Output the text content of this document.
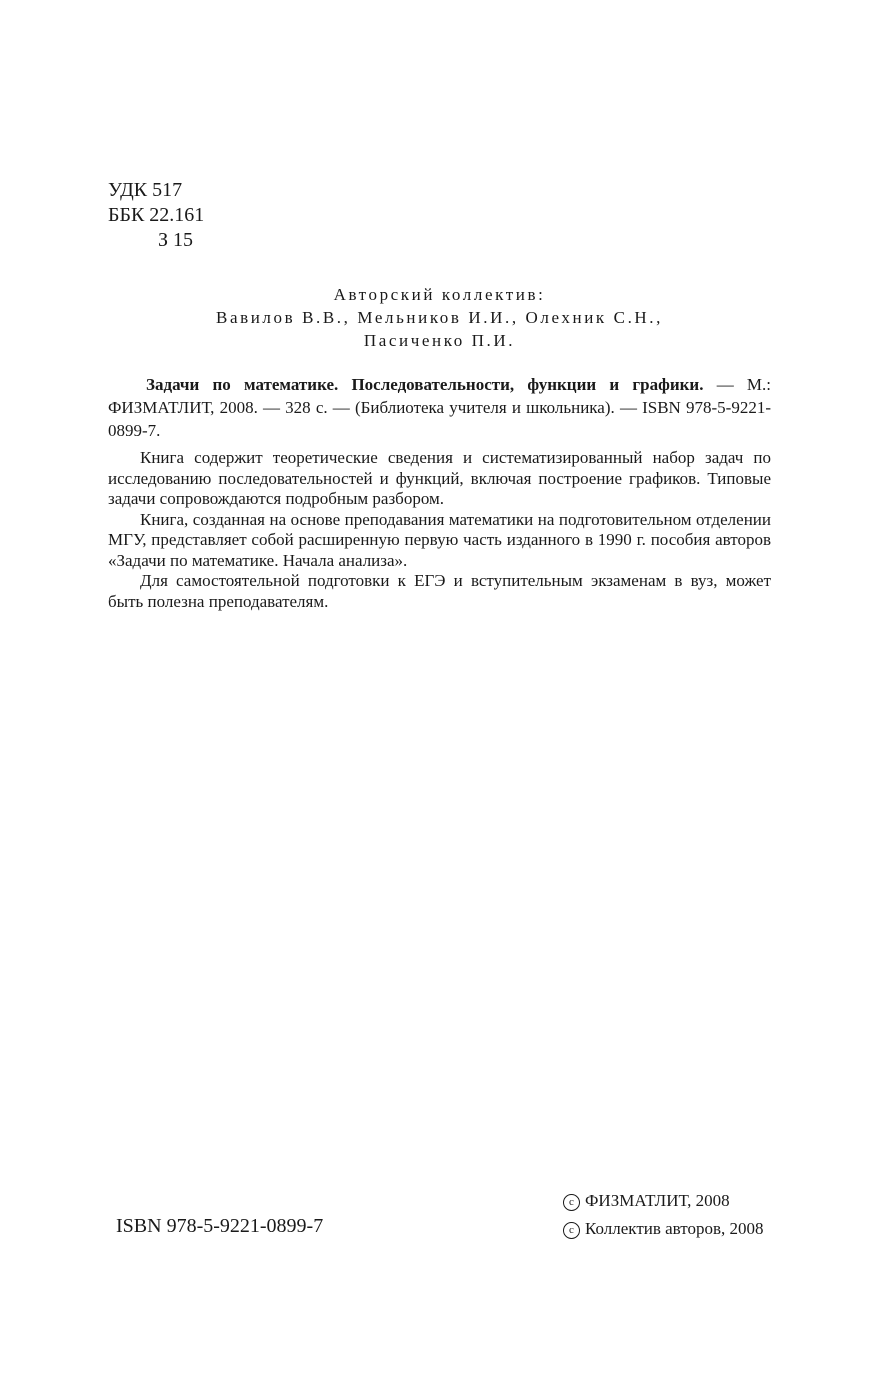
УДК 517
ББК 22.161
З 15
Авторский коллектив:
Вавилов В.В., Мельников И.И., Олехник С.Н.,
Пасиченко П.И.

Задачи по математике. Последовательности, функции и графики. — М.: ФИЗМАТЛИТ, 2008. — 328 с. — (Библиотека учителя и школьника). — ISBN 978-5-9221-0899-7.

Книга содержит теоретические сведения и систематизированный набор задач по исследованию последовательностей и функций, включая построение графиков. Типовые задачи сопровождаются подробным разбором.

Книга, созданная на основе преподавания математики на подготовительном отделении МГУ, представляет собой расширенную первую часть изданного в 1990 г. пособия авторов «Задачи по математике. Начала анализа».

Для самостоятельной подготовки к ЕГЭ и вступительным экзаменам в вуз, может быть полезна преподавателям.

ISBN 978-5-9221-0899-7
c ФИЗМАТЛИТ, 2008
c Коллектив авторов, 2008
